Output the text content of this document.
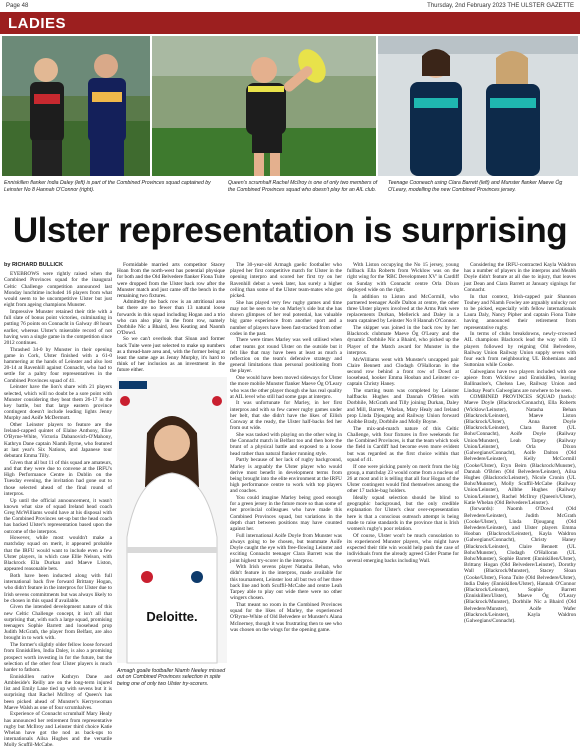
Page 48	Thursday, 2nd February 2023 THE ULSTER GAZETTE
LADIES
Enniskillen flanker India Daley (left) is part of the Combined Provinces squad captained by Leinster No 8 Hannah O'Connor (right).
Queen's scrumhalf Rachel McIlroy is one of only two members of the Combined Provinces squad who doesn't play for an AIL club.
Teenage Cooneach using Clara Barrett (left) and Munster flanker Maeve Óg O'Leary, modelling the new Combined Provinces jersey.
Ulster representation is surprising
by RICHARD BULLICK

EYEBROWS were rightly raised when the Combined Provinces squad for the inaugural Celtic Challenge competition announced last Monday lunchtime included 16 players from what would seem to be uncompetitive Ulster but just eight from ageing champions Munster.

Impressive Munster retained their title with a full slate of bonus point victories, culminating in putting 76 points on Connacht in Galway 48 hours earlier, whereas Ulster's miserable record of not having won a single game in the competition since 2012 continues.

Thrashed 34-0 by Munster in their opening game in Cork, Ulster finished with a 61-0 hammering at the hands of Leinster and also lost 20-14 at Ravenhill against Connacht, who had to settle for a paltry four representatives in the Combined Provinces squad of 41.

Leinster have the lion's share with 21 players selected, which will no doubt be a sore point with Munster considering they beat them 26-17 in the key battle, but that large eastern province contingent doesn't include leading lights Jenny Murphy and Aoife McDermott.

Other Leinster players to feature are the Ireland-capped quintet of Elaine Anthony, Elise O'Byrne-White, Victoria Dabanovich-O'Mahony, Kathryn Dane captain Niamh Byrne, who featured at last year's Six Nations, and Japanese tour debutant Emma Tilly.

Given that all but 11 of this squad are amateurs, and that they were due to convene at the IRFU's High Performance Centre in Dublin on the Tuesday evening, the invitation had gone out to those selected ahead of the final round of interpros.

Up until the official announcement, it wasn't known what size of squad Ireland head coach Greg McWilliams would have at his disposal with the Combined Provinces set-up but the head coach has backed Ulster's representation based upon the outcome of the interpros.

However, while most wouldn't make a matchday squad on merit, it appeared probable that the IRFU would want to include even a few Ulster players, in which case Ellie Nelson, with Blackrock Ella Durkan and Maeve Liston, appeared reasonable bets.

Both have been inducted along with full international back five forward Brittany Hogan, who didn't feature in the interpros for Ulster due to Irish sevens commitments but was always likely to be chosen in this squad if available.

Given the intended development nature of this new Celtic Challenge concept, it isn't all that surprising that, with such a large squad, promising teenagers Sophie Barrett and loosehead prop Judith McGrath, the player from Belfast, are also brought in to work with.

The former's slightly older fellow loose forward from Enniskillen, India Daley, is also a promising prospect worth investing in for the future, but the selection of the other four Ulster players is much harder to fathom.

Enniskillen native Kathryn Dane and Ambleside's Reilly are on the long-term injured list and Emily Lane tied up with sevens but it is surprising that Rachel McIlroy of Queen's has been picked ahead of Munster's Kerryswoman Maeve Walsh as one of four scrumhalves.

Experience of Connacht scrumhalf Mary Healy has announced her retirement from representative rugby but McIlroy and Leinster third choice Katie Whelan have got the nod as back-ups to internationals Ailsa Hughes and the versatile Molly Scuffil-McCabe.

The 30-year-old Armagh gaelic footballer who played her first competitive match for Ulster in the opening interpro and scored her first try on her Ravenhill debut a week later, has surely a higher ceiling than some of the Ulster team-mates who got picked.

She has played very few rugby games and time may not be seen to be on Marley's side but she has shown glimpses of her real potential, has valuable big game experience from another sport and a number of players have been fast-tracked from other codes in the past.

There were times Marley was well utilised when other teams got round Ulster on the outside but it felt like that may have been at least as much a reflection on the team's defensive strategy and general limitations than personal positioning from the player.

One would have been moved sideways for Ulster the more mobile Munster flanker Maeve Óg O'Leary who was the other player though she has real quality at AIL level who still had some gaps at interpro.

It was unfortunate for Marley, in her first interpros and with so few career rugby games under her belt, that she didn't have the likes of Eilish Conway at the ready, the Ulster half-backs fed her from out wide.

She was tasked with playing on the other wing in the Connacht match in Belfast too and then bore the brunt of a physical battle and exposed to a loose head rather than natural flanker running style.

Partly because of her lack of rugby background, Marley is arguably the Ulster player who would derive most benefit in development terms from being brought into the elite environment at the IRFU high performance centre to work with top players and coaches.

You could imagine Marley being good enough for a green jersey in the future more so than some of her provincial colleagues who have made this Combined Provinces squad, but variations in the depth chart between positions may have counted against her.

Full international Aoife Doyle from Munster was always going to be chosen, but teammate Aoife Doyle caught the eye with free-flowing Leinster and exciting Connacht teenager Clara Barrett was the joint highest try-scorer in the interpros.

With Irish sevens player Natasha Behan, who didn't feature in the interpros, made available for this tournament, Leinster lost all but two of her three back line and both Scuffil-McCabe and centre Leah Tarpey able to play out wide there were no other wingers chosen.

That meant no room in the Combined Provinces squad for the likes of Marley, the experienced O'Byrne-White of Old Belvedere or Munster's Alana McInerney, though it was frustrating then to see who was chosen on the wings for the opening game.

With Liston occupying the No 15 jersey, young fullback Ella Roberts from Wicklow was on the right wing for the 'RBC Development XV' in Cardiff on Sunday with Connacht centre Orla Dixon deployed wide on the right.

In addition to Liston and McCormill, who partnered teenager Aoife Dalton at centre, the other three Ulster players involved at the Arms Park were replacements Durkan, Mellerick and Daley in a team captained by Leinster No 8 Hannah O'Connor.

The skipper was joined in the back row by her Blackrock clubmate Maeve Óg O'Leary and the dynamic Dorbhile Nic a Bhaird, who picked up the Player of the Match award for Munster in the interpros.

McWilliams went with Munster's uncapped pair Claire Bennett and Clodagh O'Halloran in the second row behind a front row of Dowd at loosehead, hooker Emma Hooban and Leinster co-captain Christy Haney.

The starting team was completed by Leinster halfbacks Hughes and Dannah O'Brien with Dorbhile, McGrath and Tilly joining Durkan, Daley and Mill, Barrett, Whelan, Mary Healy and Ireland prop Linda Djougang and Railway Union forward Aoibhe Brady, Dorbhile and Molly Boyne.

The mix-and-match nature of this Celtic Challenge, with four fixtures in five weekends for the Combined Provinces, is that the team which took the field in Cardiff had become even more evident but was regarded as the first choice within that squad of 41.

If one were picking purely on merit from the big group, a matchday 23 would come from a nucleus of 26 at most and it is telling that all four Hogan of the Ulster contingent would find themselves among the other 17 tackle-bag holders.

Ideally squad selection should be blind to geographic background, but the only credible explanation for Ulster's clear over-representation here is that a conscious outreach attempt is being made to raise standards in the province that is Irish women's rugby's poor relation.

Of course, Ulster won't be much consolation to its experienced Munster players, who might have expected their title win would help push the case of individuals from the already agreed Cider Prame for several emerging backs including Wall.

Considering the IRFU-contracted Kayla Waldron has a number of players in the interpros and Meabh Doyle didn't feature at all due to injury, that leaves just Dean and Ciara Barrett at January signings for Connacht.

In that context, Irish-capped pair Shannon Touhey and Niamh Fowley are arguably unlucky not to be picked, especially with fellow internationals Laura Daly, Nancy Pipher and captain Fiona Tuite having announced their retirement from representative rugby.

In terms of clubs breakdowns, newly-crowned AIL champions Blackrock lead the way with 13 players followed by reigning Old Belvedere, Railway Union Railway Union supply seven with four each from neighbouring UL Bohemians and Suttonian while Cooke.

Galwegians have two players included with one apiece from Wicklow and Enniskillen, leaving Ballinasloe's, Chelsea Lee, Railway Union and Lindsay Peat's Galwegians are nowhere to be seen.

COMBINED PROVINCES SQUAD (backs): Maeve Doyle (Blackrock/Connacht), Ella Roberts (Wicklow/Leinster), Natasha Behan (Blackrock/Leinster), Maeve Liston (Blackrock/Ulster), Anna Doyle (Blackrock/Leinster), Clara Barrett (UL Bohs/Connacht), Aoife Doyle (Railway Union/Munster), Leah Tarpey (Railway Union/Leinster), Orla Dixon (Galwegians/Connacht), Aoife Dalton (Old Belvedere/Leinster), Kelly McCormill (Cooke/Ulster), Eryn Beirn (Blackrock/Munster), Dannah O'Brien (Old Belvedere/Leinster), Ailsa Hughes (Blackrock/Leinster), Nicole Cronin (UL Bohs/Munster), Molly Scuffil-McCabe (Railway Union/Leinster), Ailbhe Hughes (Railway Union/Leinster), Rachel McIlroy (Queen's/Ulster), Katie Whelan (Old Belvedere/Leinster).

(forwards): Naomh O'Dowd (Old Belvedere/Leinster), Judith McGrath (Cooke/Ulster), Linda Djougang (Old Belvedere/Leinster), and Ulster players Emma Hooban (Blackrock/Leinster), Kayla Waldron (Galwegians/Connacht), Christy Haney (Blackrock/Leinster), Claire Bennett (UL Bohs/Munster), Clodagh O'Halloran (UL Bohs/Munster), Sophie Barrett (Enniskillen/Ulster), Brittany Hogan (Old Belvedere/Leinster), Dorothy Wall (Blackrock/Munster), Stacey Sloan (Cooke/Ulster), Fiona Tuite (Old Belvedere/Ulster), India Daley (Enniskillen/Ulster), Hannah O'Connor (Blackrock/Leinster), Sophie Barrett (Enniskillen/Ulster), Maeve Óg O'Leary (Blackrock/Munster), Dorbhile Nic a Bhaird (Old Belvedere/Munster), Aoife Wafer (Blackrock/Leinster), Kayla Waldron (Galwegians/Connacht).

Formidable married arts competitor Stacey Hoan from the north-west has potential physique for both and the Old Belvedere flanker Fiona Tuite were dropped from the Ulster back row after the Munster match and just came off the bench in the remaining two fixtures.

Admittedly the back row is an attritional area but there are no fewer than 13 natural loose forwards in this squad including Hogan and a trio who can also play in the front row, namely Dorbhile Nic a Bhaird, Jess Keating and Naomh O'Dowd.

So we can't overlook that Sloan and former back Tuite were just selected to make up numbers as a thread-bare area and, with the former being at least the same age as Jenny Murphy, it's hard to think of her inclusion as an investment in the future either.

Deloitte.
Armagh goalie footballer Niamh Neeley missed out on Combined Provinces selection in spite being one of only two Ulster try-scorers.
